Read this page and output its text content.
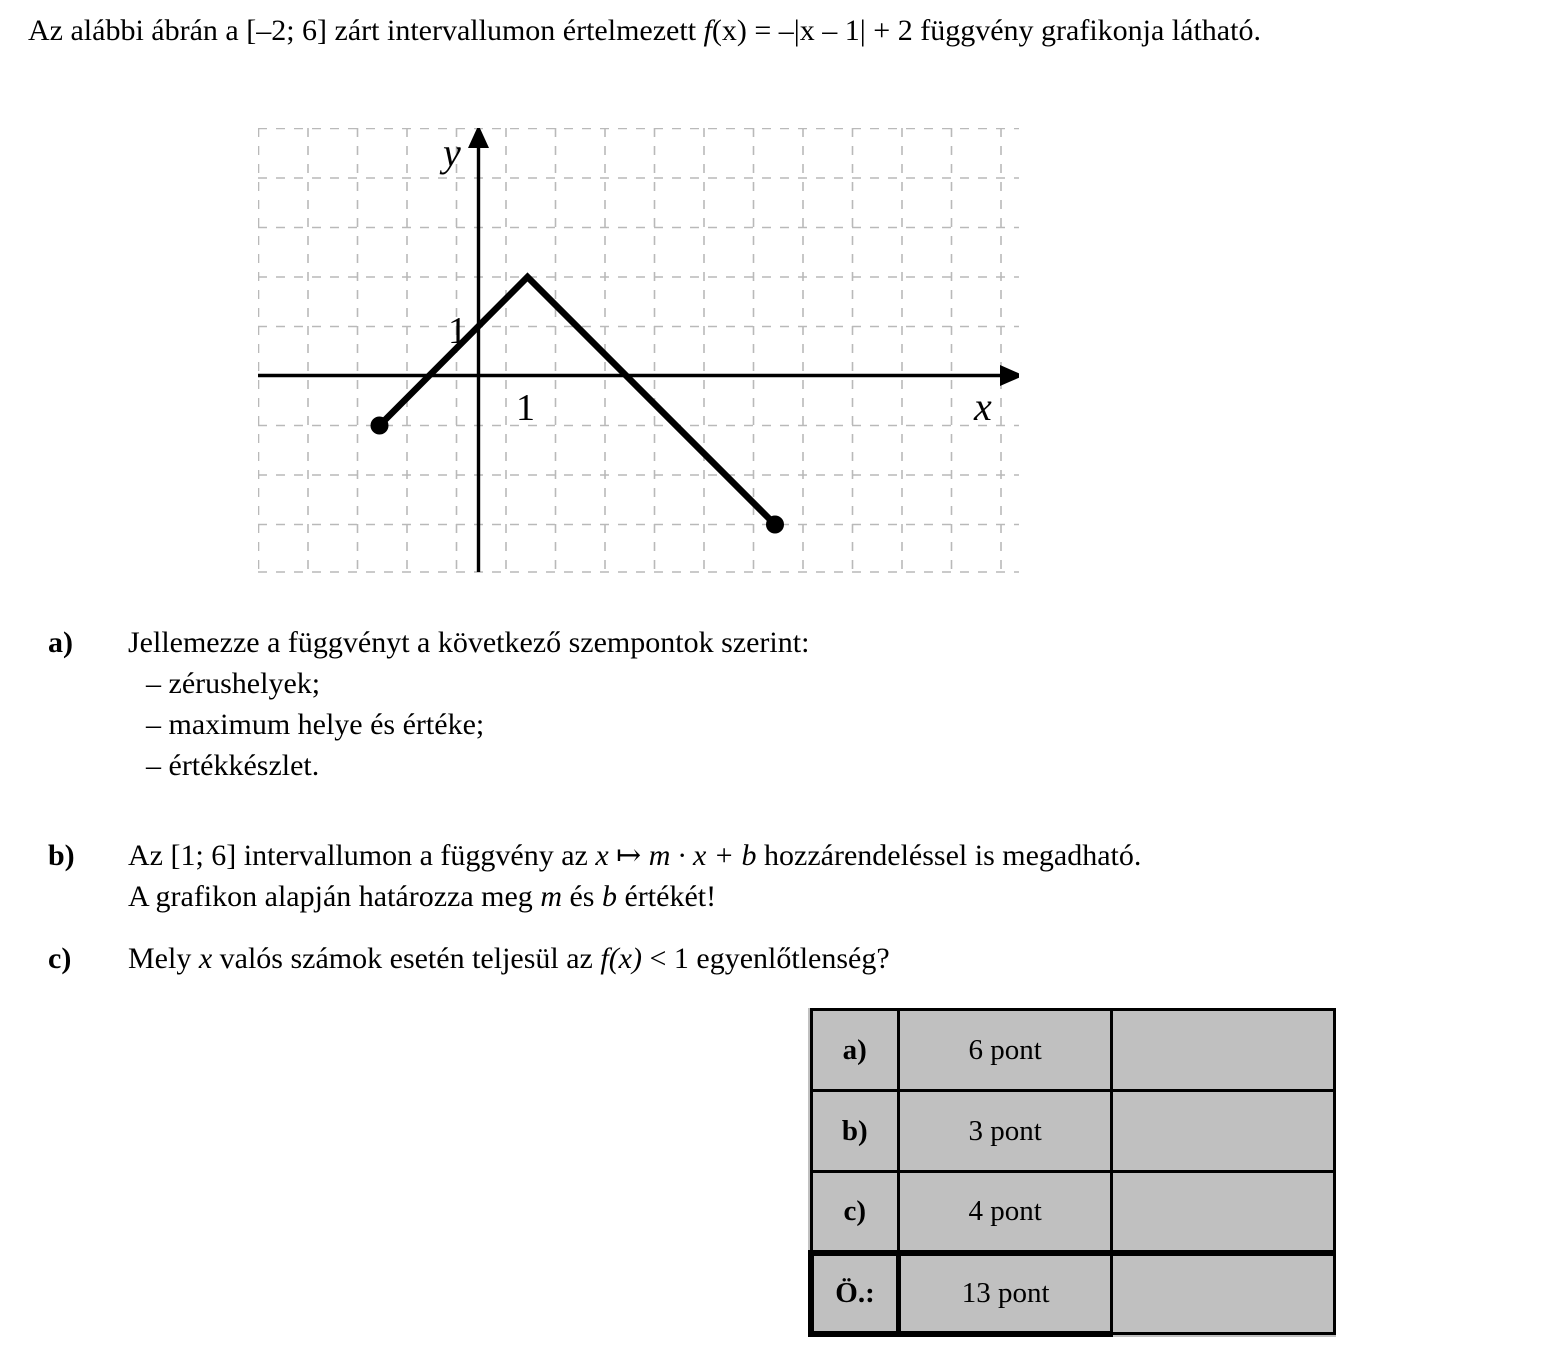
Az alábbi ábrán a [–2; 6] zárt intervallumon értelmezett f(x) = –|x – 1| + 2 függvény grafikonja látható.
y
x
1
1
a)	Jellemezze a függvényt a következő szempontok szerint:
– zérushelyek;
– maximum helye és értéke;
– értékkészlet.
b)	Az [1; 6] intervallumon a függvény az x ↦ m · x + b hozzárendeléssel is megadható.
A grafikon alapján határozza meg m és b értékét!
c)	Mely x valós számok esetén teljesül az f(x) < 1 egyenlőtlenség?
a)	6 pont	
b)	3 pont	
c)	4 pont	
Ö.:	13 pont	
